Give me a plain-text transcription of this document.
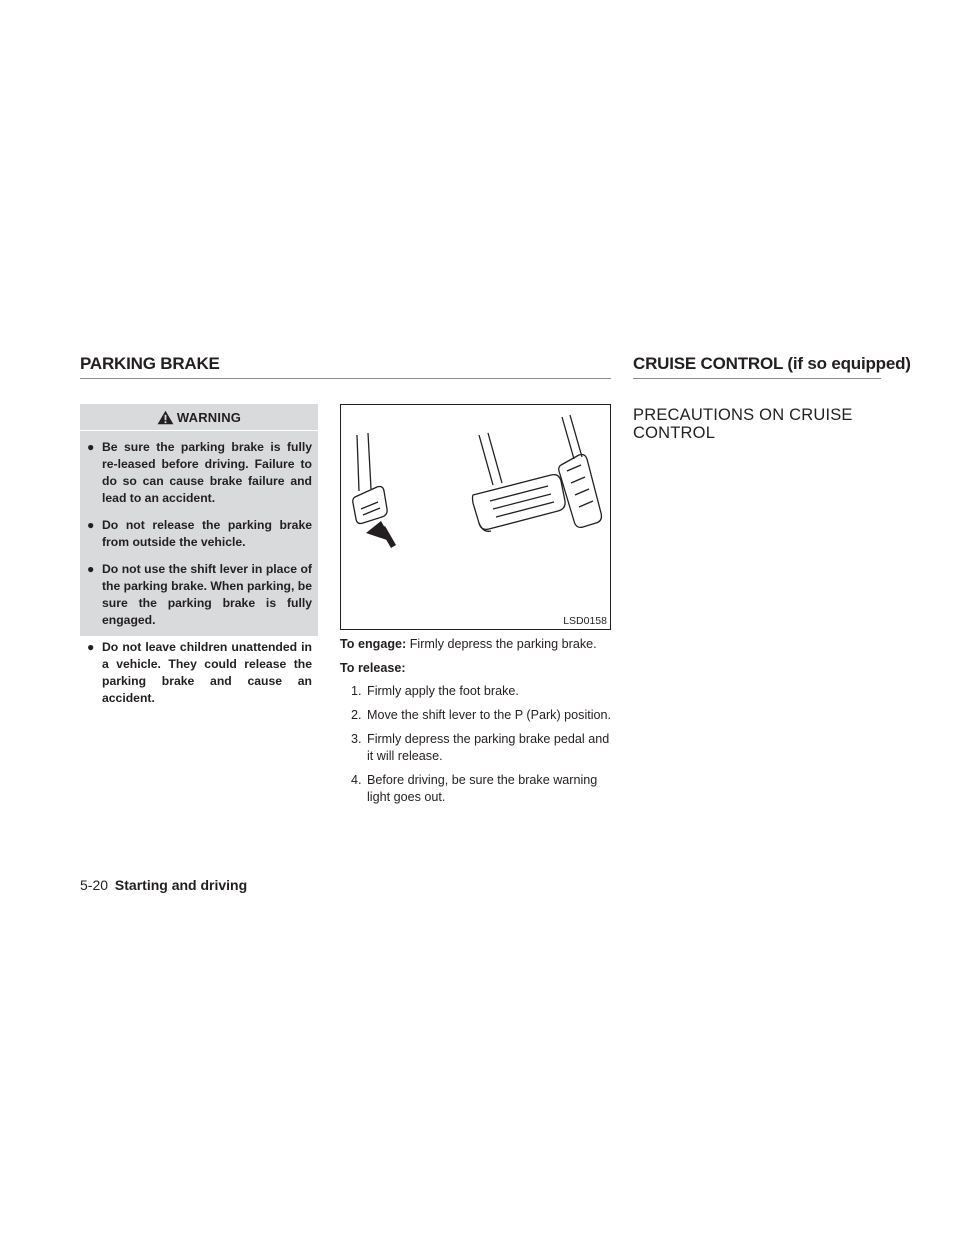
PARKING BRAKE	CRUISE CONTROL (if so equipped)
WARNING
● Be sure the parking brake is fully re-leased before driving. Failure to do so can cause brake failure and lead to an accident.
● Do not release the parking brake from outside the vehicle.
● Do not use the shift lever in place of the parking brake. When parking, be sure the parking brake is fully engaged.
● Do not leave children unattended in a vehicle. They could release the parking brake and cause an accident.
LSD0158
To engage: Firmly depress the parking brake.
To release:
1. Firmly apply the foot brake.
2. Move the shift lever to the P (Park) position.
3. Firmly depress the parking brake pedal and it will release.
4. Before driving, be sure the brake warning light goes out.
PRECAUTIONS ON CRUISE
CONTROL
5-20 Starting and driving
